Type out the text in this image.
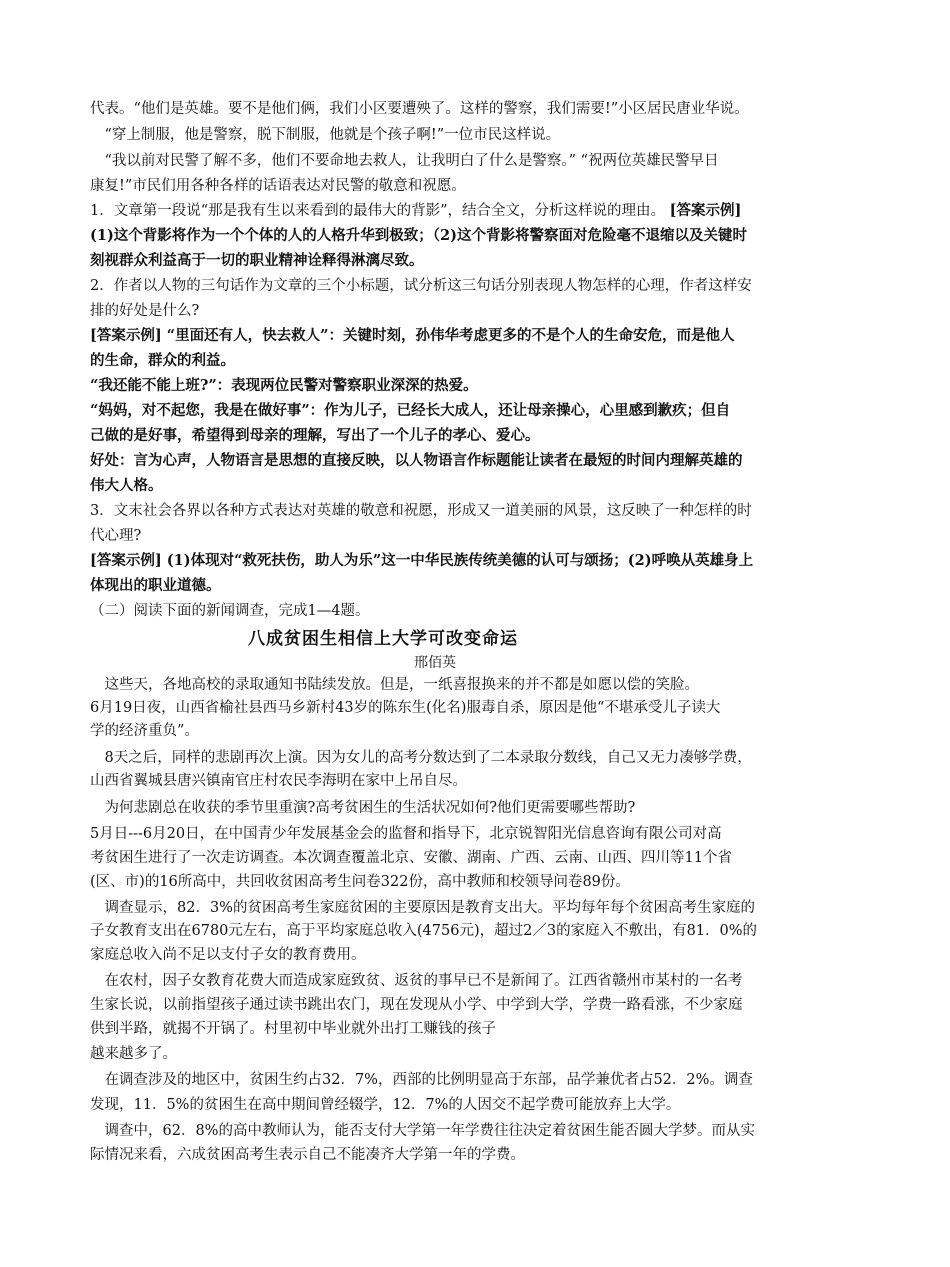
代表。“他们是英雄。要不是他们俩，我们小区要遭殃了。这样的警察，我们需要!”小区居民唐业华说。
　“穿上制服，他是警察，脱下制服，他就是个孩子啊!”一位市民这样说。
　“我以前对民警了解不多，他们不要命地去救人，让我明白了什么是警察。” “祝两位英雄民警早日
康复!”市民们用各种各样的话语表达对民警的敬意和祝愿。
1．文章第一段说“那是我有生以来看到的最伟大的背影”，结合全文，分析这样说的理由。 [答案示例]
(1)这个背影将作为一个个体的人的人格升华到极致；（2)这个背影将警察面对危险毫不退缩以及关键时
刻视群众利益高于一切的职业精神诠释得淋漓尽致。
2．作者以人物的三句话作为文章的三个小标题，试分析这三句话分别表现人物怎样的心理，作者这样安
排的好处是什么?
[答案示例] “里面还有人，快去救人”：关键时刻，孙伟华考虑更多的不是个人的生命安危，而是他人
的生命，群众的利益。
“我还能不能上班?”：表现两位民警对警察职业深深的热爱。
“妈妈，对不起您，我是在做好事”：作为儿子，已经长大成人，还让母亲操心，心里感到歉疚；但自
己做的是好事，希望得到母亲的理解，写出了一个儿子的孝心、爱心。
好处：言为心声，人物语言是思想的直接反映，以人物语言作标题能让读者在最短的时间内理解英雄的
伟大人格。
3．文末社会各界以各种方式表达对英雄的敬意和祝愿，形成又一道美丽的风景，这反映了一种怎样的时
代心理?
[答案示例] (1)体现对“救死扶伤，助人为乐”这一中华民族传统美德的认可与颂扬；(2)呼唤从英雄身上
体现出的职业道德。
（二）阅读下面的新闻调查，完成1—4题。
八成贫困生相信上大学可改变命运
邢佰英
　这些天，各地高校的录取通知书陆续发放。但是，一纸喜报换来的并不都是如愿以偿的笑脸。
6月19日夜，山西省榆社县西马乡新村43岁的陈东生(化名)服毒自杀，原因是他“不堪承受儿子读大
学的经济重负”。
　8天之后，同样的悲剧再次上演。因为女儿的高考分数达到了二本录取分数线，自己又无力凑够学费，
山西省翼城县唐兴镇南官庄村农民李海明在家中上吊自尽。
　为何悲剧总在收获的季节里重演?高考贫困生的生活状况如何?他们更需要哪些帮助?
5月日---6月20日，在中国青少年发展基金会的监督和指导下，北京锐智阳光信息咨询有限公司对高
考贫困生进行了一次走访调查。本次调查覆盖北京、安徽、湖南、广西、云南、山西、四川等11个省
(区、市)的16所高中，共回收贫困高考生问卷322份，高中教师和校领导问卷89份。
　调查显示，82．3%的贫困高考生家庭贫困的主要原因是教育支出大。平均每年每个贫困高考生家庭的
子女教育支出在6780元左右，高于平均家庭总收入(4756元)，超过2／3的家庭入不敷出，有81．0%的
家庭总收入尚不足以支付子女的教育费用。
　在农村，因子女教育花费大而造成家庭致贫、返贫的事早已不是新闻了。江西省赣州市某村的一名考
生家长说，以前指望孩子通过读书跳出农门，现在发现从小学、中学到大学，学费一路看涨，不少家庭
供到半路，就揭不开锅了。村里初中毕业就外出打工赚钱的孩子
越来越多了。
　在调查涉及的地区中，贫困生约占32．7%，西部的比例明显高于东部，品学兼优者占52．2%。调查
发现，11．5%的贫困生在高中期间曾经辍学，12．7%的人因交不起学费可能放弃上大学。
　调查中，62．8%的高中教师认为，能否支付大学第一年学费往往决定着贫困生能否圆大学梦。而从实
际情况来看，六成贫困高考生表示自己不能凑齐大学第一年的学费。
